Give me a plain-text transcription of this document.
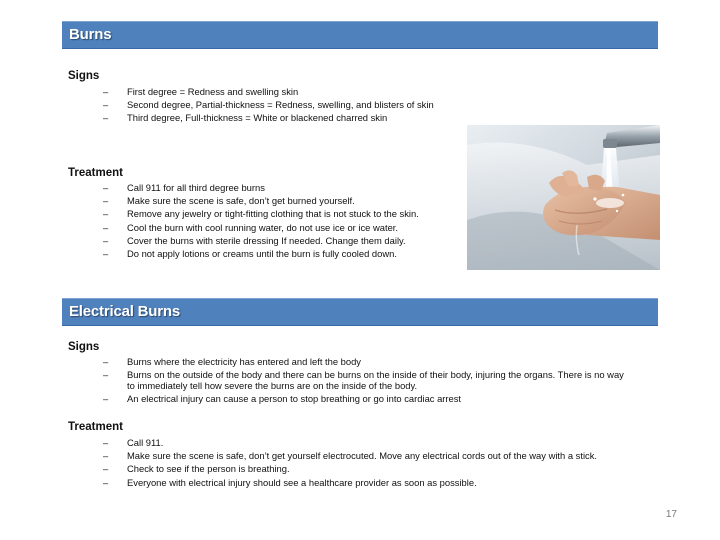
Burns
Signs
– First degree = Redness and swelling skin
– Second degree, Partial-thickness = Redness, swelling, and blisters of skin
– Third degree, Full-thickness = White or blackened charred skin
Treatment
– Call 911 for all third degree burns
– Make sure the scene is safe, don’t get burned yourself.
– Remove any jewelry or tight-fitting clothing that is not stuck to the skin.
– Cool the burn with cool running water, do not use ice or ice water.
– Cover the burns with sterile dressing If needed. Change them daily.
– Do not apply lotions or creams until the burn is fully cooled down.
Electrical Burns
Signs
– Burns where the electricity has entered and left the body
– Burns on the outside of the body and there can be burns on the inside of their body, injuring the organs. There is no way to immediately tell how severe the burns are on the inside of the body.
– An electrical injury can cause a person to stop breathing or go into cardiac arrest
Treatment
– Call 911.
– Make sure the scene is safe, don’t get yourself electrocuted. Move any electrical cords out of the way with a stick.
– Check to see if the person is breathing.
– Everyone with electrical injury should see a healthcare provider as soon as possible.
17
